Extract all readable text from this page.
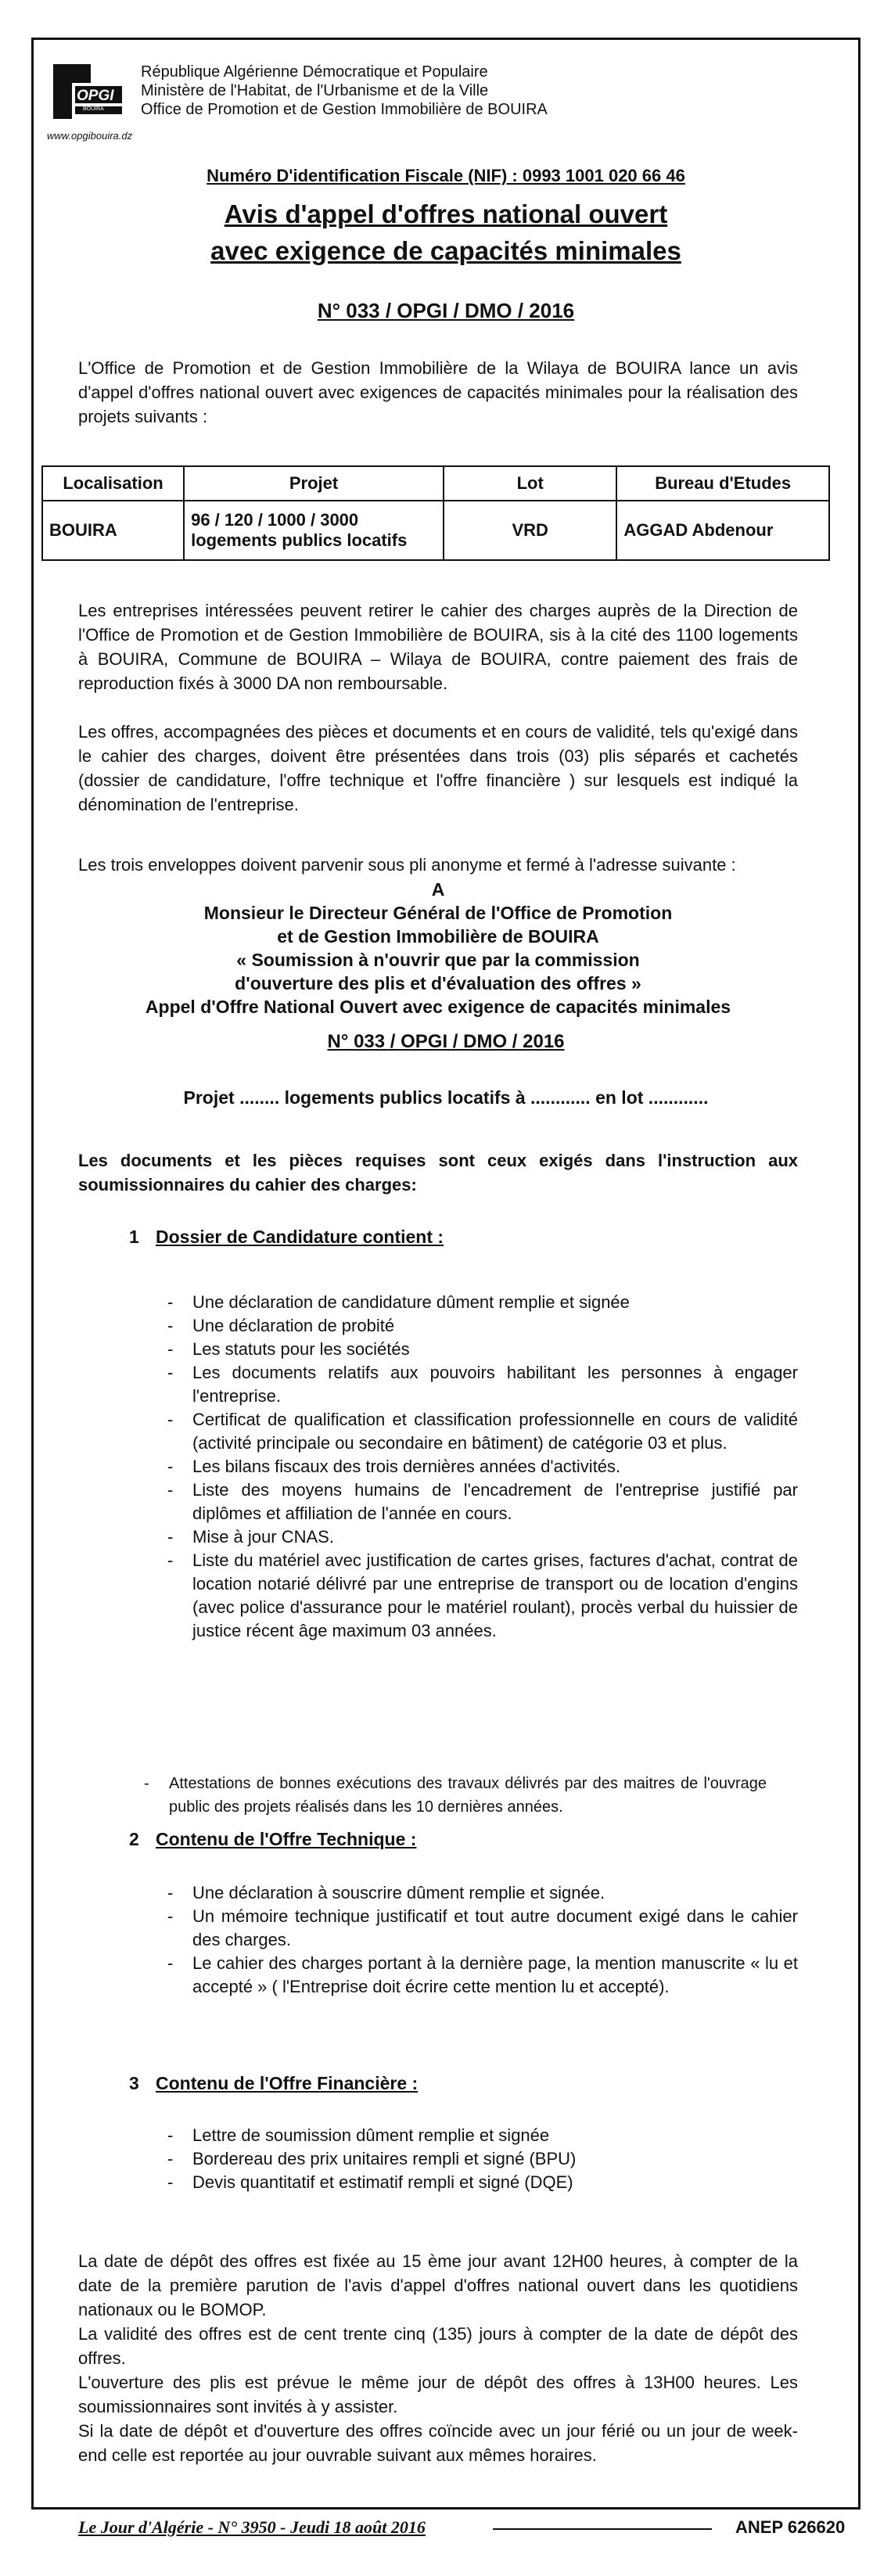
OPGI
BOUIRA
www.opgibouira.dz
République Algérienne Démocratique et Populaire
Ministère de l'Habitat, de l'Urbanisme et de la Ville
Office de Promotion et de Gestion Immobilière de BOUIRA
Numéro D'identification Fiscale (NIF) : 0993 1001 020 66 46
Avis d'appel d'offres national ouvert
avec exigence de capacités minimales
N° 033 / OPGI / DMO / 2016

L'Office de Promotion et de Gestion Immobilière de la Wilaya de BOUIRA lance un avis d'appel d'offres national ouvert avec exigences de capacités minimales pour la réalisation des projets suivants :

Localisation	Projet	Lot	Bureau d'Etudes
BOUIRA	96 / 120 / 1000 / 3000 logements publics locatifs	VRD	AGGAD Abdenour

Les entreprises intéressées peuvent retirer le cahier des charges auprès de la Direction de l'Office de Promotion et de Gestion Immobilière de BOUIRA, sis à la cité des 1100 logements à BOUIRA, Commune de BOUIRA – Wilaya de BOUIRA, contre paiement des frais de reproduction fixés à 3000 DA non remboursable.

Les offres, accompagnées des pièces et documents et en cours de validité, tels qu'exigé dans le cahier des charges, doivent être présentées dans trois (03) plis séparés et cachetés (dossier de candidature, l'offre technique et l'offre financière ) sur lesquels est indiqué la dénomination de l'entreprise.

Les trois enveloppes doivent parvenir sous pli anonyme et fermé à l'adresse suivante :

A
Monsieur le Directeur Général de l'Office de Promotion
et de Gestion Immobilière de BOUIRA
« Soumission à n'ouvrir que par la commission
d'ouverture des plis et d'évaluation des offres »
Appel d'Offre National Ouvert avec exigence de capacités minimales
N° 033 / OPGI / DMO / 2016
Projet ........ logements publics locatifs à ............ en lot ............

Les documents et les pièces requises sont ceux exigés dans l'instruction aux soumissionnaires du cahier des charges:

1 Dossier de Candidature contient :
- Une déclaration de candidature dûment remplie et signée
- Une déclaration de probité
- Les statuts pour les sociétés
- Les documents relatifs aux pouvoirs habilitant les personnes à engager l'entreprise.
- Certificat de qualification et classification professionnelle en cours de validité (activité principale ou secondaire en bâtiment) de catégorie 03 et plus.
- Les bilans fiscaux des trois dernières années d'activités.
- Liste des moyens humains de l'encadrement de l'entreprise justifié par diplômes et affiliation de l'année en cours.
- Mise à jour CNAS.
- Liste du matériel avec justification de cartes grises, factures d'achat, contrat de location notarié délivré par une entreprise de transport ou de location d'engins (avec police d'assurance pour le matériel roulant), procès verbal du huissier de justice récent âge maximum 03 années.
- Attestations de bonnes exécutions des travaux délivrés par des maitres de l'ouvrage public des projets réalisés dans les 10 dernières années.
2 Contenu de l'Offre Technique :
- Une déclaration à souscrire dûment remplie et signée.
- Un mémoire technique justificatif et tout autre document exigé dans le cahier des charges.
- Le cahier des charges portant à la dernière page, la mention manuscrite « lu et accepté » ( l'Entreprise doit écrire cette mention lu et accepté).
3 Contenu de l'Offre Financière :
- Lettre de soumission dûment remplie et signée
- Bordereau des prix unitaires rempli et signé (BPU)
- Devis quantitatif et estimatif rempli et signé (DQE)
La date de dépôt des offres est fixée au 15 ème jour avant 12H00 heures, à compter de la date de la première parution de l'avis d'appel d'offres national ouvert dans les quotidiens nationaux ou le BOMOP.
La validité des offres est de cent trente cinq (135) jours à compter de la date de dépôt des offres.
L'ouverture des plis est prévue le même jour de dépôt des offres à 13H00 heures. Les soumissionnaires sont invités à y assister.
Si la date de dépôt et d'ouverture des offres coïncide avec un jour férié ou un jour de week-end celle est reportée au jour ouvrable suivant aux mêmes horaires.
Le Jour d'Algérie - N° 3950 - Jeudi 18 août 2016	ANEP 626620
